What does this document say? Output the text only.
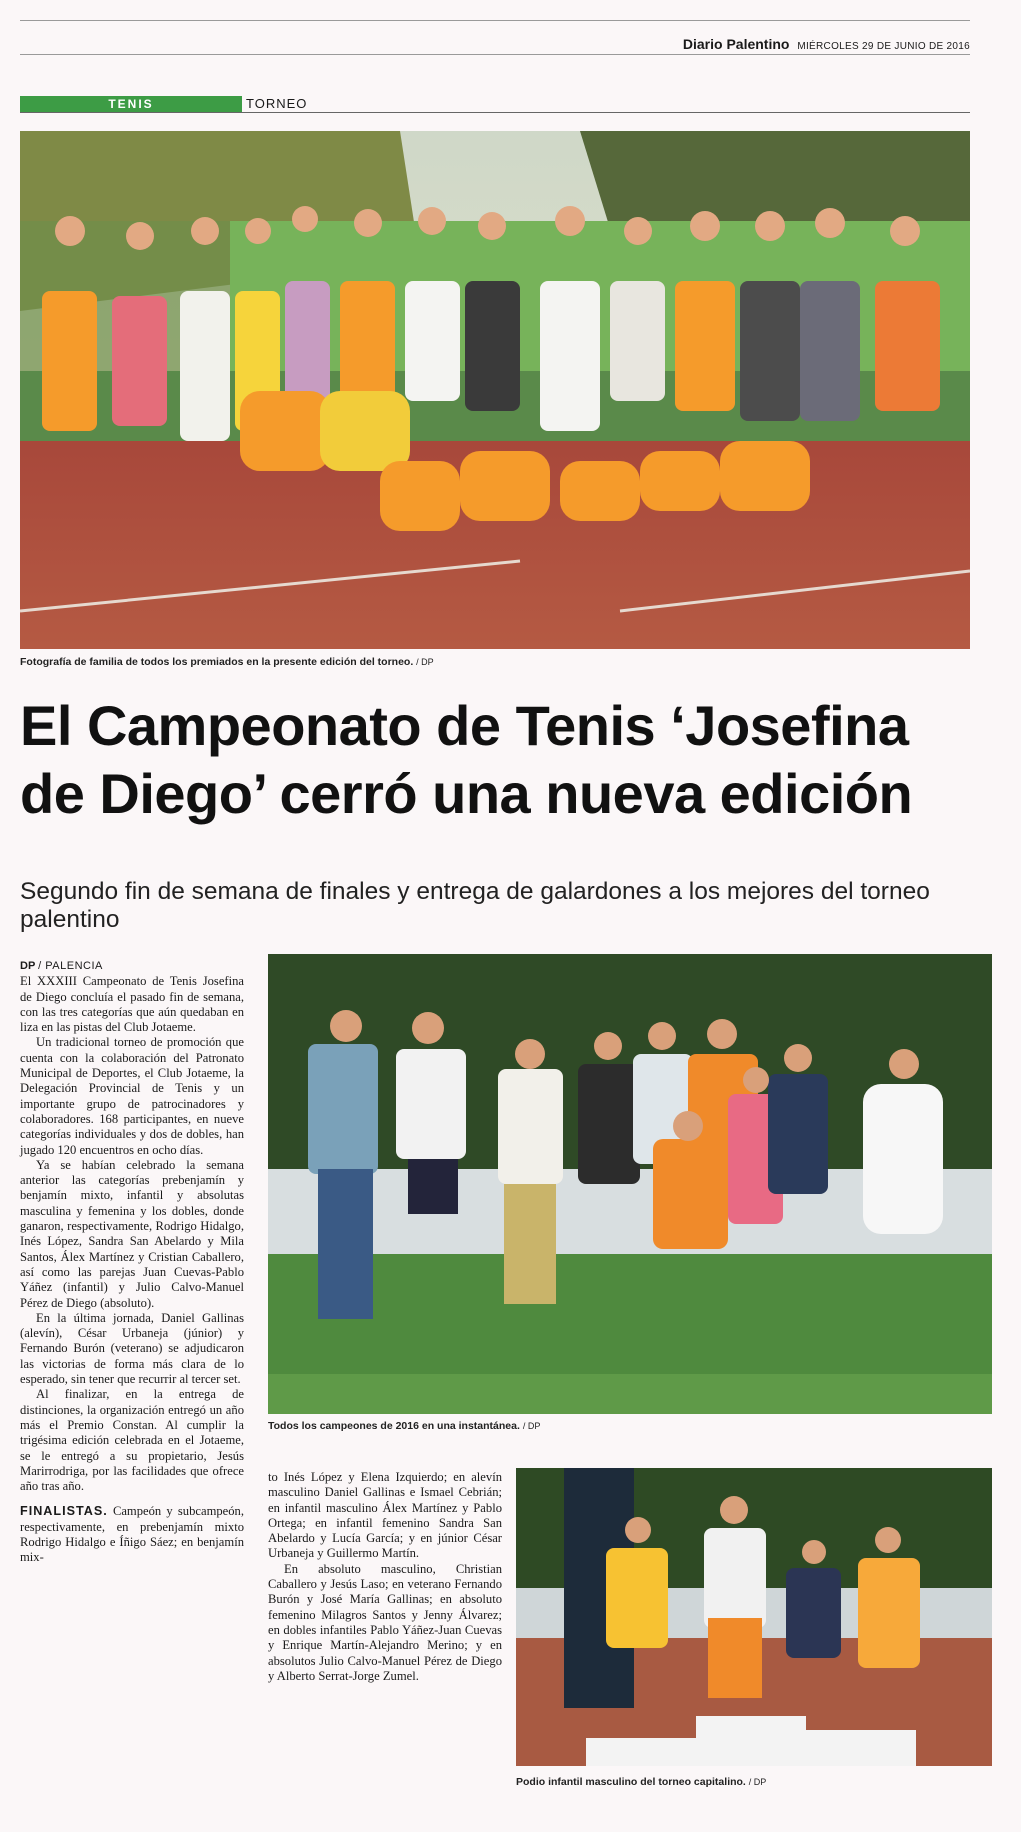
Diario Palentino MIÉRCOLES 29 DE JUNIO DE 2016
TENIS	TORNEO
Fotografía de familia de todos los premiados en la presente edición del torneo. / DP
El Campeonato de Tenis ‘Josefina
de Diego’ cerró una nueva edición
Segundo fin de semana de finales y entrega de galardones a los mejores del torneo palentino

DP / PALENCIA

El XXXIII Campeonato de Tenis Josefina de Diego concluía el pasado fin de semana, con las tres categorías que aún quedaban en liza en las pistas del Club Jotaeme.

Un tradicional torneo de promoción que cuenta con la colaboración del Patronato Municipal de Deportes, el Club Jotaeme, la Delegación Provincial de Tenis y un importante grupo de patrocinadores y colaboradores. 168 participantes, en nueve categorías individuales y dos de dobles, han jugado 120 encuentros en ocho días.

Ya se habían celebrado la semana anterior las categorías prebenjamín y benjamín mixto, infantil y absolutas masculina y femenina y los dobles, donde ganaron, respectivamente, Rodrigo Hidalgo, Inés López, Sandra San Abelardo y Mila Santos, Álex Martínez y Cristian Caballero, así como las parejas Juan Cuevas-Pablo Yáñez (infantil) y Julio Calvo-Manuel Pérez de Diego (absoluto).

En la última jornada, Daniel Gallinas (alevín), César Urbaneja (júnior) y Fernando Burón (veterano) se adjudicaron las victorias de forma más clara de lo esperado, sin tener que recurrir al tercer set.

Al finalizar, en la entrega de distinciones, la organización entregó un año más el Premio Constan. Al cumplir la trigésima edición celebrada en el Jotaeme, se le entregó a su propietario, Jesús Marirrodriga, por las facilidades que ofrece año tras año.

FINALISTAS. Campeón y subcampeón, respectivamente, en prebenjamín mixto Rodrigo Hidalgo e Íñigo Sáez; en benjamín mix-

Todos los campeones de 2016 en una instantánea. / DP

to Inés López y Elena Izquierdo; en alevín masculino Daniel Gallinas e Ismael Cebrián; en infantil masculino Álex Martínez y Pablo Ortega; en infantil femenino Sandra San Abelardo y Lucía García; y en júnior César Urbaneja y Guillermo Martín.

En absoluto masculino, Christian Caballero y Jesús Laso; en veterano Fernando Burón y José María Gallinas; en absoluto femenino Milagros Santos y Jenny Álvarez; en dobles infantiles Pablo Yáñez-Juan Cuevas y Enrique Martín-Alejandro Merino; y en absolutos Julio Calvo-Manuel Pérez de Diego y Alberto Serrat-Jorge Zumel.

Podio infantil masculino del torneo capitalino. / DP
